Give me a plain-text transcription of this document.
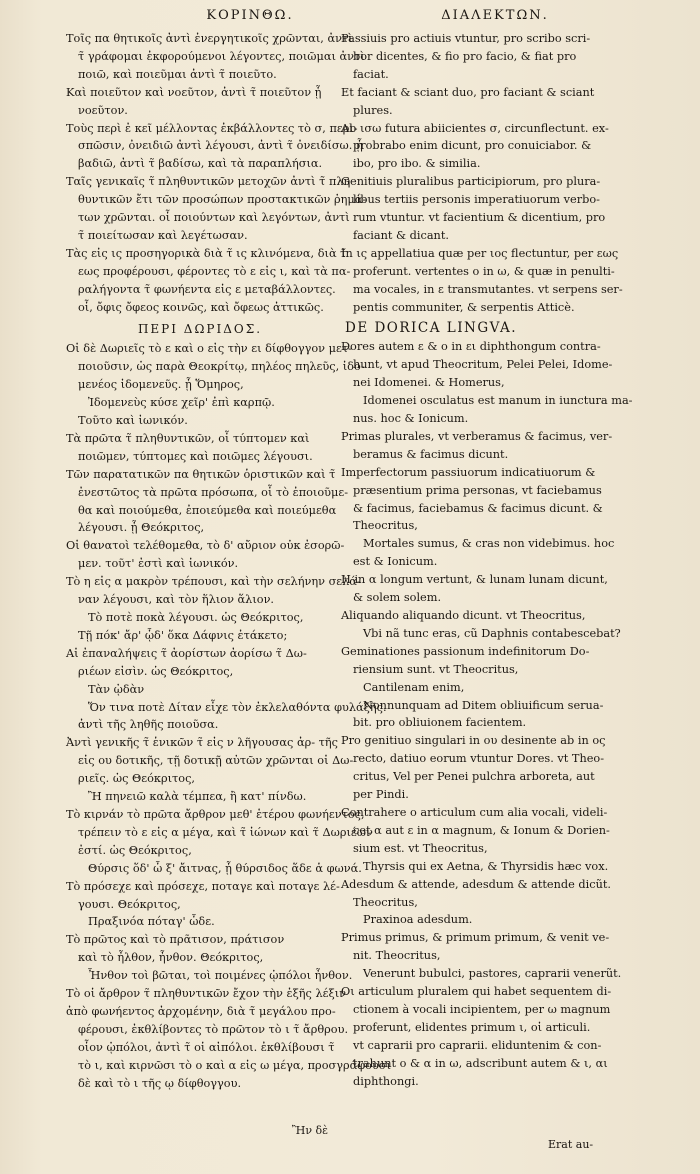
ΚΟΡΙΝΘΩ.	ΔΙΑΛΕΚΤΩΝ.
Τοῖς πα θητικοῖς ἀντὶ ἐνεργητικοῖς χρῶνται, ἀντὶ
τ̃ γράφομαι ἐκφορούμενοι λέγοντες, ποιῶμαι ἀντὶ
ποιῶ, καὶ ποιεῦμαι ἀντὶ τ̃ ποιεῦτο.
Καὶ ποιεῦτον καὶ νοεῦτον, ἀντὶ τ̃ ποιεῦτον ᾗ
νοεῦτον.
Τοὺς περὶ ἐ κεῖ μέλλοντας ἐκβάλλοντες τὸ σ, περι-
σπῶσιν, ὀνειδιῶ ἀντὶ λέγουσι, ἀντὶ τ̃ ὀνειδίσω. ᾗ
βαδιῶ, ἀντὶ τ̃ βαδίσω, καὶ τὰ παραπλήσια.
Ταῖς γενικαῖς τ̃ πληθυντικῶν μετοχῶν ἀντὶ τ̃ πλη
θυντικῶν ἔτι τῶν προσώπων προστακτικῶν ῥημά-
των χρῶνται. οἷ ποιούντων καὶ λεγόντων, ἀντὶ
τ̃ ποιείτωσαν καὶ λεγέτωσαν.
Τὰς εἰς ις προσηγορικὰ διὰ τ̃ ις κλινόμενα, διὰ τ̃
εως προφέρουσι, φέροντες τὸ ε εἰς ι, καὶ τὰ πα-
ραλήγοντα τ̃ φωνήεντα εἰς ε μεταβάλλοντες.
οἷ, ὄφις ὄφεος κοινῶς, καὶ ὄφεως ἀττικῶς.
ΠΕΡΙ ΔΩΡΙΔΟΣ.
Οἱ δὲ Δωριεῖς τὸ ε καὶ ο εἰς τὴν ει δίφθογγον μετ-
ποιοῦσιν, ὡς παρὰ Θεοκρίτῳ, πηλέος πηλεῦς, ἰδο-
μενέος ἰδομενεῦς. ᾗ Ὅμηρος,
Ἰδομενεὺς κύσε χεῖρ' ἐπὶ καρπῷ.
Τοῦτο καὶ ἰωνικόν.
Τὰ πρῶτα τ̃ πληθυντικῶν, οἷ τύπτομεν καὶ
ποιῶμεν, τύπτομες καὶ ποιῶμες λέγουσι.
Τῶν παρατατικῶν πα θητικῶν ὁριστικῶν καὶ τ̃
ἐνεστῶτος τὰ πρῶτα πρόσωπα, οἷ τὸ ἐποιοῦμε-
θα καὶ ποιούμεθα, ἐποιεύμεθα καὶ ποιεύμεθα
λέγουσι. ᾗ Θεόκριτος,
Οἱ θανατοὶ τελέθομεθα, τὸ δ' αὔριον οὐκ ἐσορῶ-
μεν. τοῦτ' ἐστὶ καὶ ἰωνικόν.
Τὸ η εἰς α μακρὸν τρέπουσι, καὶ τὴν σελήνην σελά-
ναν λέγουσι, καὶ τὸν ἥλιον ἅλιον.
Τὸ ποτὲ ποκὰ λέγουσι. ὡς Θεόκριτος,
Τῇ πόκ' ἄρ' ᾧδ' ὅκα Δάφνις ἐτάκετο;
Αἱ ἐπαναλήψεις τ̃ ἀορίστων ἀορίσω τ̃ Δω-
ριέων εἰσὶν. ὡς Θεόκριτος,
Τὰν ᾠδὰν
Ὅν τινα ποτὲ Δίταν εἶχε τὸν ἐκλελαθόντα φυλάξῆς.
ἀντὶ τῆς ληθῆς ποιοῦσα.
Ἀντὶ γενικῆς τ̃ ἑνικῶν τ̃ εἰς ν λῆγουσας ἀρ- τῆς
εἰς ου δοτικῆς, τῇ δοτικῇ αὐτῶν χρῶνται οἱ Δω-
ριεῖς. ὡς Θεόκριτος,
Ἢ πηνειῶ καλὰ τέμπεα, ἢ κατ' πίνδω.
Τὸ κιρνάν τὸ πρῶτα ἄρθρον μεθ' ἑτέρου φωνήεντος,
τρέπειν τὸ ε εἰς α μέγα, καὶ τ̃ ἰώνων καὶ τ̃ Δωριέων
ἐστί. ὡς Θεόκριτος,
Θύρσις ὅδ' ὦ ξ' ἄιτνας, ᾗ θύρσιδος ἅδε ἁ φωνά.
Τὸ πρόσεχε καὶ πρόσεχε, ποταγε καὶ ποταγε λέ-
γουσι. Θεόκριτος,
Πραξινόα πόταγ' ὧδε.
Τὸ πρῶτος καὶ τὸ πρᾶτισον, πράτισον
καὶ τὸ ἦλθον, ἦνθον. Θεόκριτος,
Ἦνθον τοὶ βῶται, τοὶ ποιμένες ᾠπόλοι ἦνθον.
Τὸ οἱ ἄρθρον τ̃ πληθυντικῶν ἔχον τὴν ἑξῆς λέξιν
ἀπὸ φωνήεντος ἀρχομένην, διὰ τ̃ μεγάλου προ-
φέρουσι, ἐκθλίβοντες τὸ πρῶτον τὸ ι τ̃ ἄρθρου.
οἷον ᾠπόλοι, ἀντὶ τ̃ οἱ αἰπόλοι. ἐκθλίβουσι τ̃
τὸ ι, καὶ κιρνῶσι τὸ ο καὶ α εἰς ω μέγα, προσγράφουσι
δὲ καὶ τὸ ι τῆς ῳ δίφθογγου.
Passiuis pro actiuis vtuntur, pro scribo scri-
bor dicentes, & fio pro facio, & fiat pro
faciat.
Et faciant & sciant duo, pro faciant & sciant
plures.
Ab ισω futura abiicientes σ, circunflectunt. ex-
probrabo enim dicunt, pro conuiciabor. &
ibo, pro ibo. & similia.
Genitiuis pluralibus participiorum, pro plura-
libus tertiis personis imperatiuorum verbo-
rum vtuntur. vt facientium & dicentium, pro
faciant & dicant.
In ις appellatiua quæ per ιος flectuntur, per εως
proferunt. vertentes o in ω, & quæ in penulti-
ma vocales, in ε transmutantes. vt serpens ser-
pentis communiter, & serpentis Atticè.
DE DORICA LINGVA.
Dores autem ε & o in ει diphthongum contra-
hunt, vt apud Theocritum, Pelei Pelei, Idome-
nei Idomenei. & Homerus,
Idomenei osculatus est manum in iunctura ma-
nus. hoc & Ionicum.
Primas plurales, vt verberamus & facimus, ver-
beramus & facimus dicunt.
Imperfectorum passiuorum indicatiuorum &
præsentium prima personas, vt faciebamus
& facimus, faciebamus & facimus dicunt. &
Theocritus,
Mortales sumus, & cras non videbimus. hoc
est & Ionicum.
H in α longum vertunt, & lunam lunam dicunt,
& solem solem.
Aliquando aliquando dicunt. vt Theocritus,
Vbi nã tunc eras, cũ Daphnis contabescebat?
Geminationes passionum indefinitorum Do-
riensium sunt. vt Theocritus,
Cantilenam enim,
Nonnunquam ad Ditem obliuificum serua-
bit. pro obliuionem facientem.
Pro genitiuo singulari in ου desinente ab in ος
recto, datiuo eorum vtuntur Dores. vt Theo-
critus, Vel per Penei pulchra arboreta, aut
per Pindi.
Contrahere ο articulum cum alia vocali, videli-
cet α aut ε in α magnum, & Ionum & Dorien-
sium est. vt Theocritus,
Thyrsis qui ex Aetna, & Thyrsidis hæc vox.
Adesdum & attende, adesdum & attende dicũt.
Theocritus,
Praxinoa adesdum.
Primus primus, & primum primum, & venit ve-
nit. Theocritus,
Venerunt bubulci, pastores, caprarii venerũt.
Οι articulum pluralem qui habet sequentem di-
ctionem à vocali incipientem, per ω magnum
proferunt, elidentes primum ι, οἱ articuli.
vt caprarii pro caprarii. eliduntenim & con-
trahunt o & α in ω, adscribunt autem & ι, αι
diphthongi.
Ἢν δὲ
Erat au-
